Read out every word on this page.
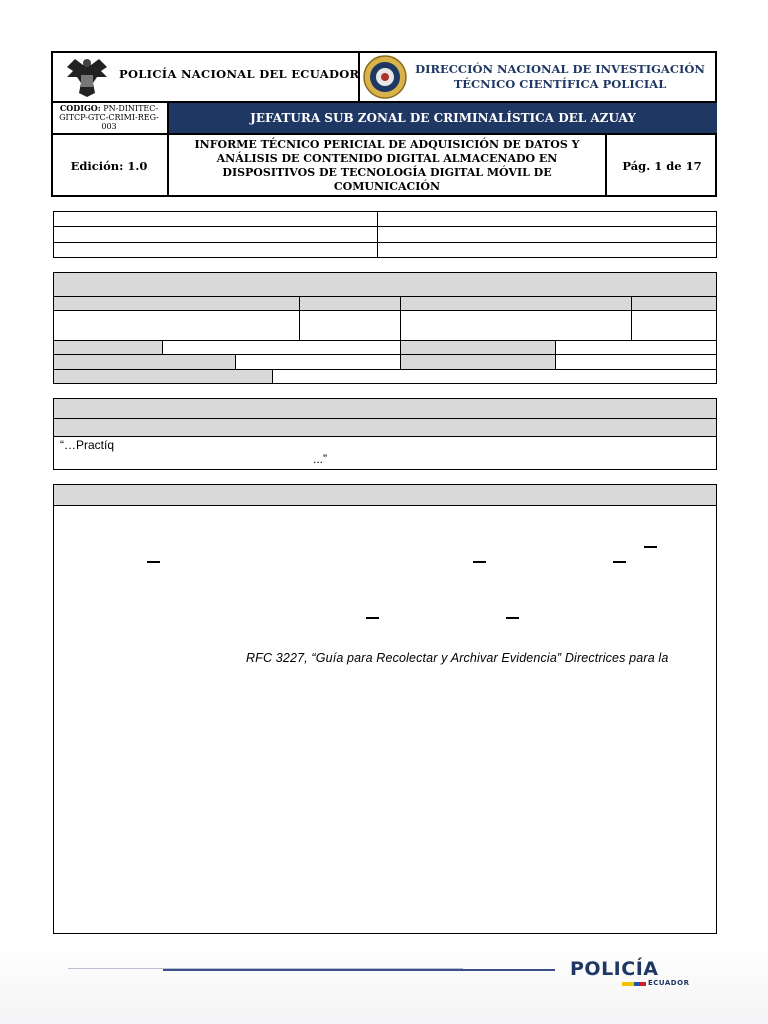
POLICÍA NACIONAL DEL ECUADOR	DIRECCIÓN NACIONAL DE INVESTIGACIÓN
TÉCNICO CIENTÍFICA POLICIAL
CODIGO: PN-DINITEC-GITCP-GTC-CRIMI-REG-003
JEFATURA SUB ZONAL DE CRIMINALÍSTICA DEL AZUAY
Edición: 1.0
INFORME TÉCNICO PERICIAL DE ADQUISICIÓN DE DATOS Y ANÁLISIS DE CONTENIDO DIGITAL ALMACENADO EN DISPOSITIVOS DE TECNOLOGÍA DIGITAL MÓVIL DE COMUNICACIÓN
Pág. 1 de 17
“…Practíq
...”
RFC 3227, “Guía para Recolectar y Archivar Evidencia” Directrices para la
POLICÍA
ECUADOR
